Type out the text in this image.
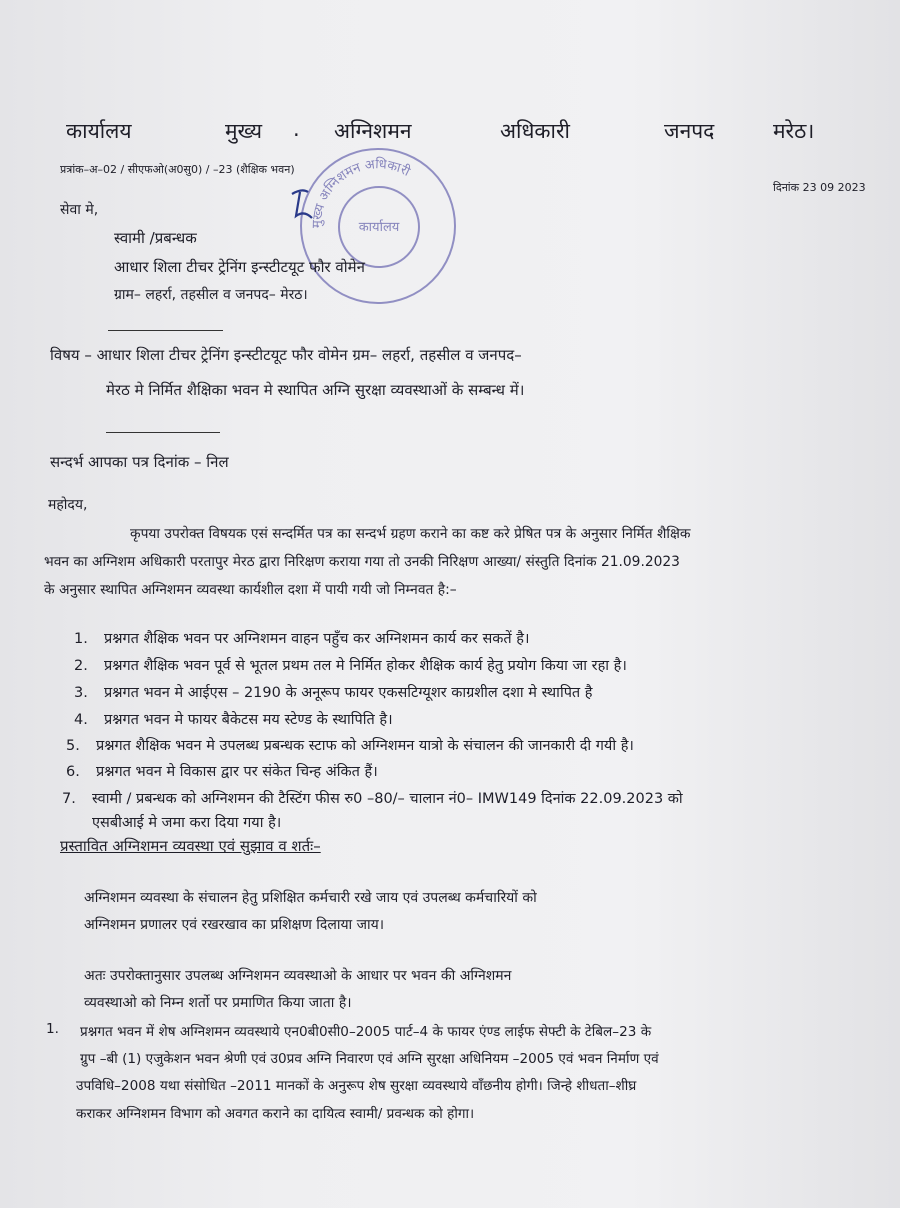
कार्यालय	मुख्य . अग्निशमन	अधिकारी	जनपद	मरेठ।
प्रत्रांक–अ–02 / सीएफओ(अ0सु0) / –23 (शैक्षिक भवन)
दिनांक 23 09 2023
मुख्य अग्निशमन अधिकारी
कार्यालय
सेवा मे,
स्वामी /प्रबन्धक
आधार शिला टीचर ट्रेनिंग इन्स्टीटयूट फौर वोमेन
ग्राम– लहर्रा, तहसील व जनपद– मेरठ।
विषय – आधार शिला टीचर ट्रेनिंग इन्स्टीटयूट फौर वोमेन ग्रम– लहर्रा, तहसील व जनपद–
मेरठ मे निर्मित शैक्षिका भवन मे स्थापित अग्नि सुरक्षा व्यवस्थाओं के सम्बन्ध में।
सन्दर्भ आपका पत्र दिनांक – निल
महोदय,
कृपया उपरोक्त विषयक एसं सन्दर्मित पत्र का सन्दर्भ ग्रहण कराने का कष्ट करे प्रेषित पत्र के अनुसार निर्मित शैक्षिक
भवन का अग्निशम अधिकारी परतापुर मेरठ द्वारा निरिक्षण कराया गया तो उनकी निरिक्षण आख्या/ संस्तुति दिनांक 21.09.2023
के अनुसार स्थापित अग्निशमन व्यवस्था कार्यशील दशा में पायी गयी जो निम्नवत है:–
1. प्रश्नगत शैक्षिक भवन पर अग्निशमन वाहन पहुँच कर अग्निशमन कार्य कर सकतें है।
2. प्रश्नगत शैक्षिक भवन पूर्व से भूतल प्रथम तल मे निर्मित होकर शैक्षिक कार्य हेतु प्रयोग किया जा रहा है।
3. प्रश्नगत भवन मे आईएस – 2190 के अनूरूप फायर एकसटिग्यूशर काग्रशील दशा मे स्थापित है
4. प्रश्नगत भवन मे फायर बैकेटस मय स्टेण्ड के स्थापिति है।
5. प्रश्नगत शैक्षिक भवन मे उपलब्ध प्रबन्धक स्टाफ को अग्निशमन यात्रो के संचालन की जानकारी दी गयी है।
6. प्रश्नगत भवन मे विकास द्वार पर संकेत चिन्ह अंकित हैं।
7. स्वामी / प्रबन्धक को अग्निशमन की टैस्टिंग फीस रु0 –80/– चालान नं0– IMW149 दिनांक 22.09.2023 को
एसबीआई मे जमा करा दिया गया है।
प्रस्तावित अग्निशमन व्यवस्था एवं सुझाव व शर्तः–
अग्निशमन व्यवस्था के संचालन हेतु प्रशिक्षित कर्मचारी रखे जाय एवं उपलब्ध कर्मचारियों को
अग्निशमन प्रणालर एवं रखरखाव का प्रशिक्षण दिलाया जाय।
अतः उपरोक्तानुसार उपलब्ध अग्निशमन व्यवस्थाओ के आधार पर भवन की अग्निशमन
व्यवस्थाओ को निम्न शर्तो पर प्रमाणित किया जाता है।
1. प्रश्नगत भवन में शेष अग्निशमन व्यवस्थाये एन0बी0सी0–2005 पार्ट–4 के फायर एंण्ड लाईफ सेफ्टी के टेबिल–23 के
ग्रुप –बी (1) एजुकेशन भवन श्रेणी एवं उ0प्रव अग्नि निवारण एवं अग्नि सुरक्षा अधिनियम –2005 एवं भवन निर्माण एवं
उपविधि–2008 यथा संसोधित –2011 मानकों के अनुरूप शेष सुरक्षा व्यवस्थाये वाँछनीय होगी। जिन्हे शीधता–शीघ्र
कराकर अग्निशमन विभाग को अवगत कराने का दायित्व स्वामी/ प्रवन्धक को होगा।
